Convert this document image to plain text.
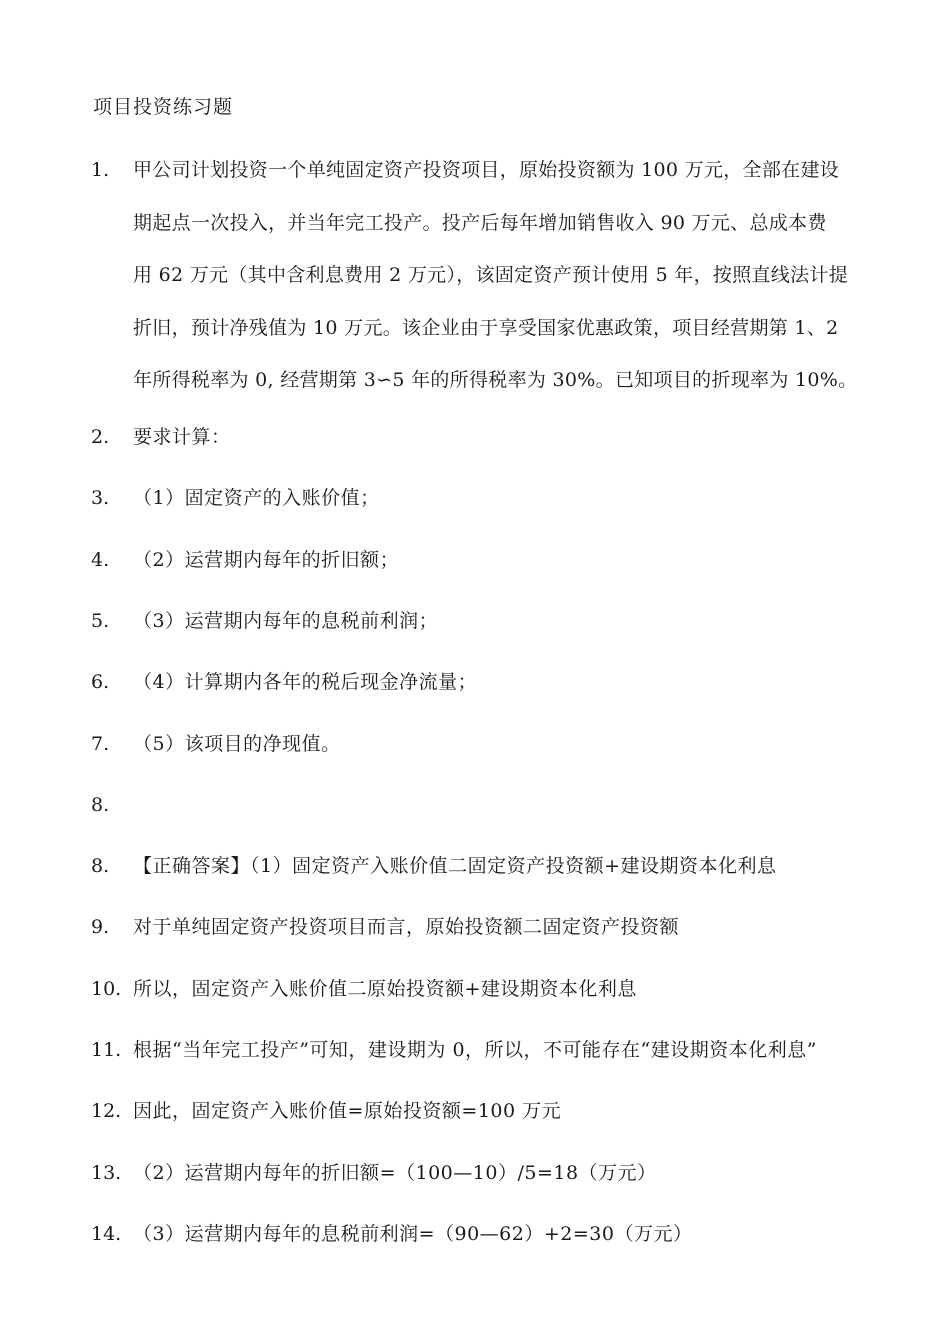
项目投资练习题
1. 甲公司计划投资一个单纯固定资产投资项目，原始投资额为 100 万元，全部在建设
期起点一次投入，并当年完工投产。投产后每年增加销售收入 90 万元、总成本费
用 62 万元（其中含利息费用 2 万元），该固定资产预计使用 5 年，按照直线法计提
折旧，预计净残值为 10 万元。该企业由于享受国家优惠政策，项目经营期第 1、2
年所得税率为 0, 经营期第 3∽5 年的所得税率为 30%。已知项目的折现率为 10%。
2. 要求计算：
3. （1）固定资产的入账价值；
4. （2）运营期内每年的折旧额；
5. （3）运营期内每年的息税前利润；
6. （4）计算期内各年的税后现金净流量；
7. （5）该项目的净现值。
8.
8. 【正确答案】（1）固定资产入账价值二固定资产投资额+建设期资本化利息
9. 对于单纯固定资产投资项目而言，原始投资额二固定资产投资额
10. 所以，固定资产入账价值二原始投资额+建设期资本化利息
11. 根据“当年完工投产”可知，建设期为 0，所以，不可能存在“建设期资本化利息”
12. 因此，固定资产入账价值=原始投资额=100 万元
13. （2）运营期内每年的折旧额=（100—10）/5=18（万元）
14. （3）运营期内每年的息税前利润=（90—62）+2=30（万元）
